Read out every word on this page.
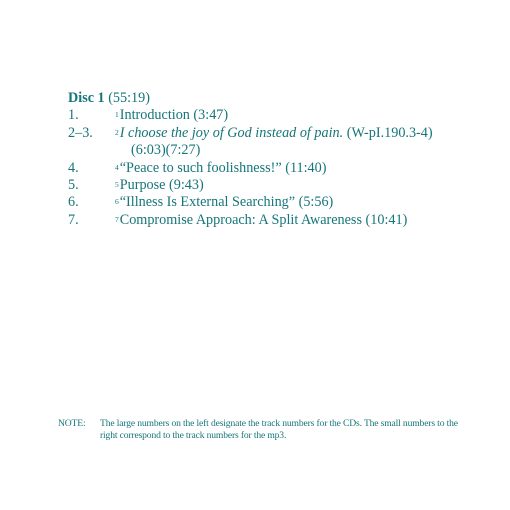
Disc 1 (55:19)
1.	$^1$Introduction (3:47)
2–3.	$^2$I choose the joy of God instead of pain. (W-pI.190.3-4)
(6:03)(7:27)
4.	$^4$“Peace to such foolishness!” (11:40)
5.	$^5$Purpose (9:43)
6.	$^6$“Illness Is External Searching” (5:56)
7.	$^7$Compromise Approach: A Split Awareness (10:41)
NOTE:	The large numbers on the left designate the track numbers for the CDs. The small numbers to the right correspond to the track numbers for the mp3.
